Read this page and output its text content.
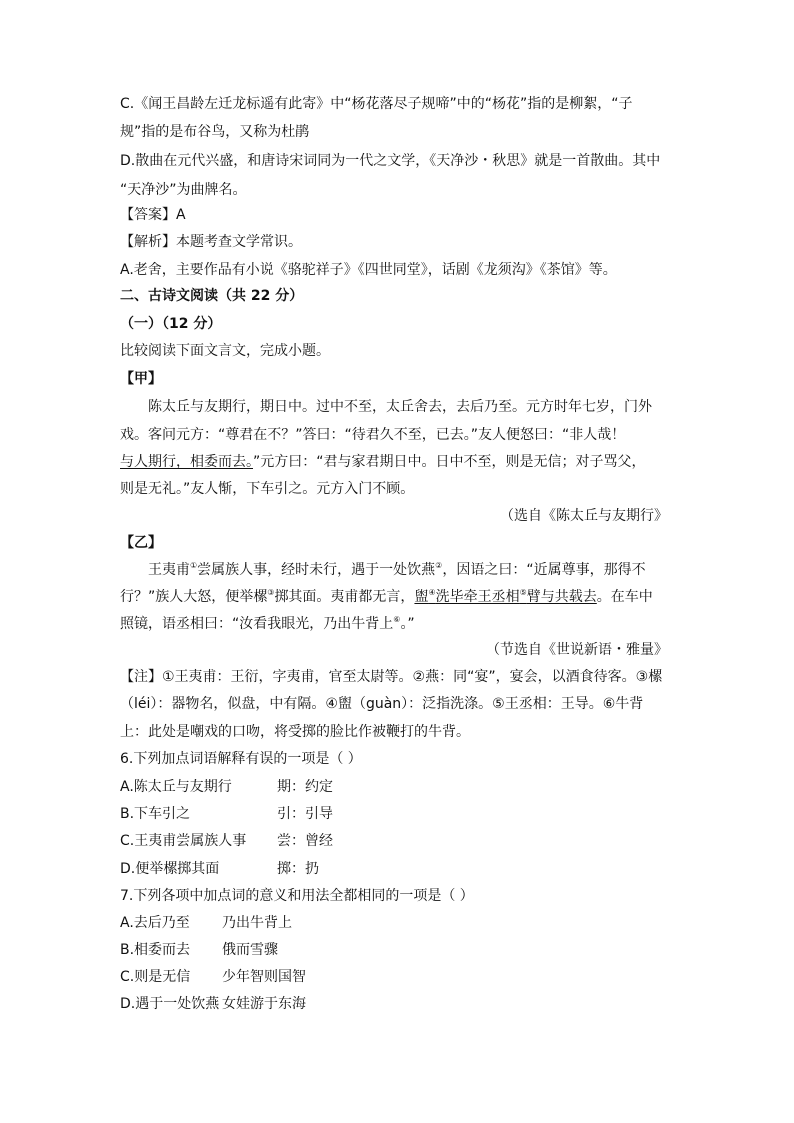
C.《闻王昌龄左迁龙标遥有此寄》中“杨花落尽子规啼”中的“杨花”指的是柳絮，“子
规”指的是布谷鸟，又称为杜鹃
D.散曲在元代兴盛，和唐诗宋词同为一代之文学，《天净沙・秋思》就是一首散曲。其中
“天净沙”为曲牌名。
【答案】A
【解析】本题考查文学常识。
A.老舍，主要作品有小说《骆驼祥子》《四世同堂》，话剧《龙须沟》《茶馆》等。
二、古诗文阅读（共 22 分）
（一）（12 分）
比较阅读下面文言文，完成小题。
【甲】
陈太丘与友期行，期日中。过中不至，太丘舍去，去后乃至。元方时年七岁，门外
戏。客问元方：“尊君在不？”答曰：“待君久不至，已去。”友人便怒曰：“非人哉！
与人期行，相委而去。”元方曰：“君与家君期日中。日中不至，则是无信；对子骂父，
则是无礼。”友人惭，下车引之。元方入门不顾。
（选自《陈太丘与友期行》
【乙】
王夷甫①尝属族人事，经时未行，遇于一处饮燕②，因语之曰：“近属尊事，那得不
行？”族人大怒，便举樏③掷其面。夷甫都无言，盥④洗毕牵王丞相⑤臂与共载去。在车中
照镜，语丞相曰：“汝看我眼光，乃出牛背上⑥。”
（节选自《世说新语・雅量》
【注】①王夷甫：王衍，字夷甫，官至太尉等。②燕：同“宴”，宴会，以酒食待客。③樏
（léi）：器物名，似盘，中有隔。④盥（guàn）：泛指洗涤。⑤王丞相：王导。⑥牛背
上：此处是嘲戏的口吻，将受掷的脸比作被鞭打的牛背。
6.下列加点词语解释有误的一项是（ ）
A.陈太丘与友期行	期：约定
B.下车引之	引：引导
C.王夷甫尝属族人事 尝：曾经
D.便举樏掷其面	掷：扔
7.下列各项中加点词的意义和用法全都相同的一项是（ ）
A.去后乃至 乃出牛背上
B.相委而去 俄而雪骤
C.则是无信 少年智则国智
D.遇于一处饮燕 女娃游于东海
